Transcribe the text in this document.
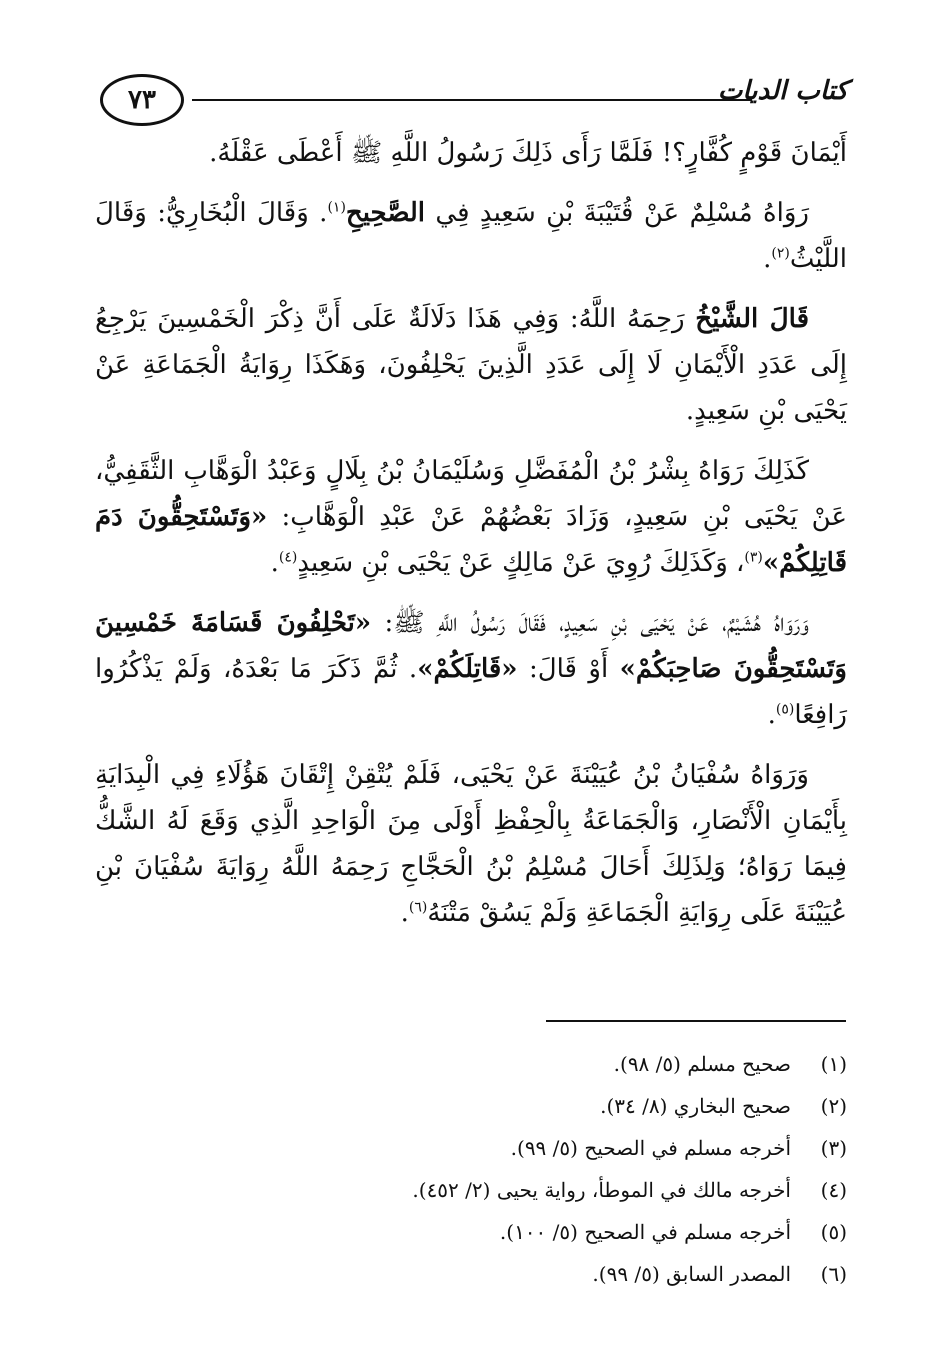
٧٣	كتاب الديات

أَيْمَانَ قَوْمٍ كُفَّارٍ؟! فَلَمَّا رَأَى ذَلِكَ رَسُولُ اللَّهِ ﷺ أَعْطَى عَقْلَهُ.

رَوَاهُ مُسْلِمٌ عَنْ قُتَيْبَةَ بْنِ سَعِيدٍ فِي الصَّحِيحِ$^{(١)}$. وَقَالَ الْبُخَارِيُّ: وَقَالَ اللَّيْثُ$^{(٢)}$.

قَالَ الشَّيْخُ رَحِمَهُ اللَّهُ: وَفِي هَذَا دَلَالَةٌ عَلَى أَنَّ ذِكْرَ الْخَمْسِينَ يَرْجِعُ إِلَى عَدَدِ الْأَيْمَانِ لَا إِلَى عَدَدِ الَّذِينَ يَحْلِفُونَ، وَهَكَذَا رِوَايَةُ الْجَمَاعَةِ عَنْ يَحْيَى بْنِ سَعِيدٍ.

كَذَلِكَ رَوَاهُ بِشْرُ بْنُ الْمُفَضَّلِ وَسُلَيْمَانُ بْنُ بِلَالٍ وَعَبْدُ الْوَهَّابِ الثَّقَفِيُّ، عَنْ يَحْيَى بْنِ سَعِيدٍ، وَزَادَ بَعْضُهُمْ عَنْ عَبْدِ الْوَهَّابِ: «وَتَسْتَحِقُّونَ دَمَ قَاتِلِكُمْ»$^{(٣)}$، وَكَذَلِكَ رُوِيَ عَنْ مَالِكٍ عَنْ يَحْيَى بْنِ سَعِيدٍ$^{(٤)}$.

وَرَوَاهُ هُشَيْمٌ، عَنْ يَحْيَى بْنِ سَعِيدٍ، فَقَالَ رَسُولُ اللَّهِ ﷺ: «تَحْلِفُونَ قَسَامَةَ خَمْسِينَ وَتَسْتَحِقُّونَ صَاحِبَكُمْ» أَوْ قَالَ: «قَاتِلَكُمْ». ثُمَّ ذَكَرَ مَا بَعْدَهُ، وَلَمْ يَذْكُرُوا رَافِعًا$^{(٥)}$.

وَرَوَاهُ سُفْيَانُ بْنُ عُيَيْنَةَ عَنْ يَحْيَى، فَلَمْ يُتْقِنْ إِتْقَانَ هَؤُلَاءِ فِي الْبِدَايَةِ بِأَيْمَانِ الْأَنْصَارِ، وَالْجَمَاعَةُ بِالْحِفْظِ أَوْلَى مِنَ الْوَاحِدِ الَّذِي وَقَعَ لَهُ الشَّكُّ فِيمَا رَوَاهُ؛ وَلِذَلِكَ أَحَالَ مُسْلِمُ بْنُ الْحَجَّاجِ رَحِمَهُ اللَّهُ رِوَايَةَ سُفْيَانَ بْنِ عُيَيْنَةَ عَلَى رِوَايَةِ الْجَمَاعَةِ وَلَمْ يَسُقْ مَتْنَهُ$^{(٦)}$.

(١)
صحيح مسلم (٥/ ٩٨).
(٢)
صحيح البخاري (٨/ ٣٤).
(٣)
أخرجه مسلم في الصحيح (٥/ ٩٩).
(٤)
أخرجه مالك في الموطأ، رواية يحيى (٢/ ٤٥٢).
(٥)
أخرجه مسلم في الصحيح (٥/ ١٠٠).
(٦)
المصدر السابق (٥/ ٩٩).
